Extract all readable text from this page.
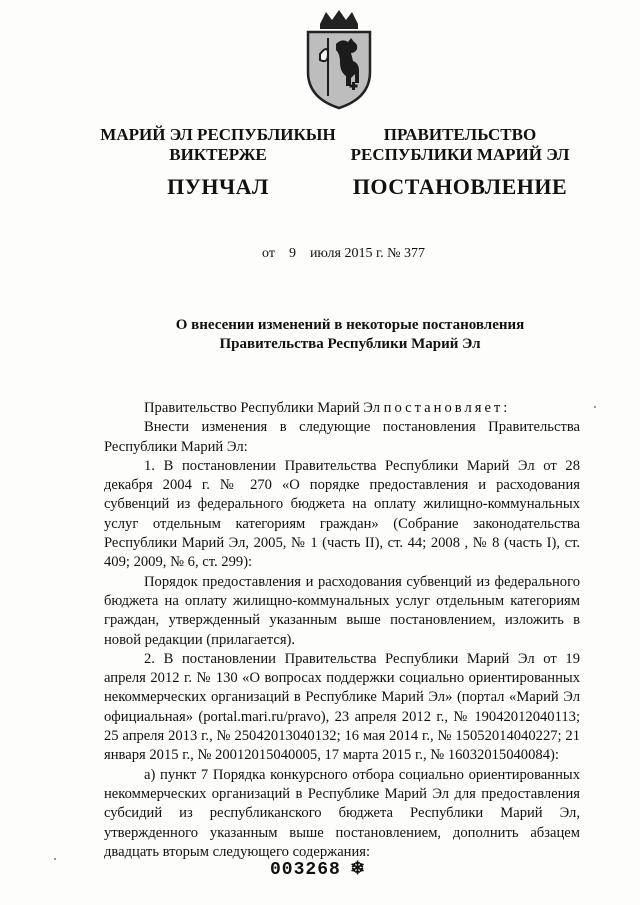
МАРИЙ ЭЛ РЕСПУБЛИКЫН
ВИКТЕРЖЕ
ПУНЧАЛ
ПРАВИТЕЛЬСТВО
РЕСПУБЛИКИ МАРИЙ ЭЛ
ПОСТАНОВЛЕНИЕ
от 9 июля 2015 г. № 377
О внесении изменений в некоторые постановления
Правительства Республики Марий Эл

Правительство Республики Марий Эл постановляет:

Внести изменения в следующие постановления Правительства Республики Марий Эл:

1. В постановлении Правительства Республики Марий Эл от 28 декабря 2004 г. № 270 «О порядке предоставления и расходования субвенций из федерального бюджета на оплату жилищно-коммунальных услуг отдельным категориям граждан» (Собрание законодательства Республики Марий Эл, 2005, № 1 (часть II), ст. 44; 2008 , № 8 (часть I), ст. 409; 2009, № 6, ст. 299):

Порядок предоставления и расходования субвенций из федерального бюджета на оплату жилищно-коммунальных услуг отдельным категориям граждан, утвержденный указанным выше постановлением, изложить в новой редакции (прилагается).

2. В постановлении Правительства Республики Марий Эл от 19 апреля 2012 г. № 130 «О вопросах поддержки социально ориентированных некоммерческих организаций в Республике Марий Эл» (портал «Марий Эл официальная» (portal.mari.ru/pravo), 23 апреля 2012 г., № 19042012040113; 25 апреля 2013 г., № 25042013040132; 16 мая 2014 г., № 15052014040227; 21 января 2015 г., № 20012015040005, 17 марта 2015 г., № 16032015040084):

а) пункт 7 Порядка конкурсного отбора социально ориентированных некоммерческих организаций в Республике Марий Эл для предоставления субсидий из республиканского бюджета Республики Марий Эл, утвержденного указанным выше постановлением, дополнить абзацем двадцать вторым следующего содержания:

003268 ❄
